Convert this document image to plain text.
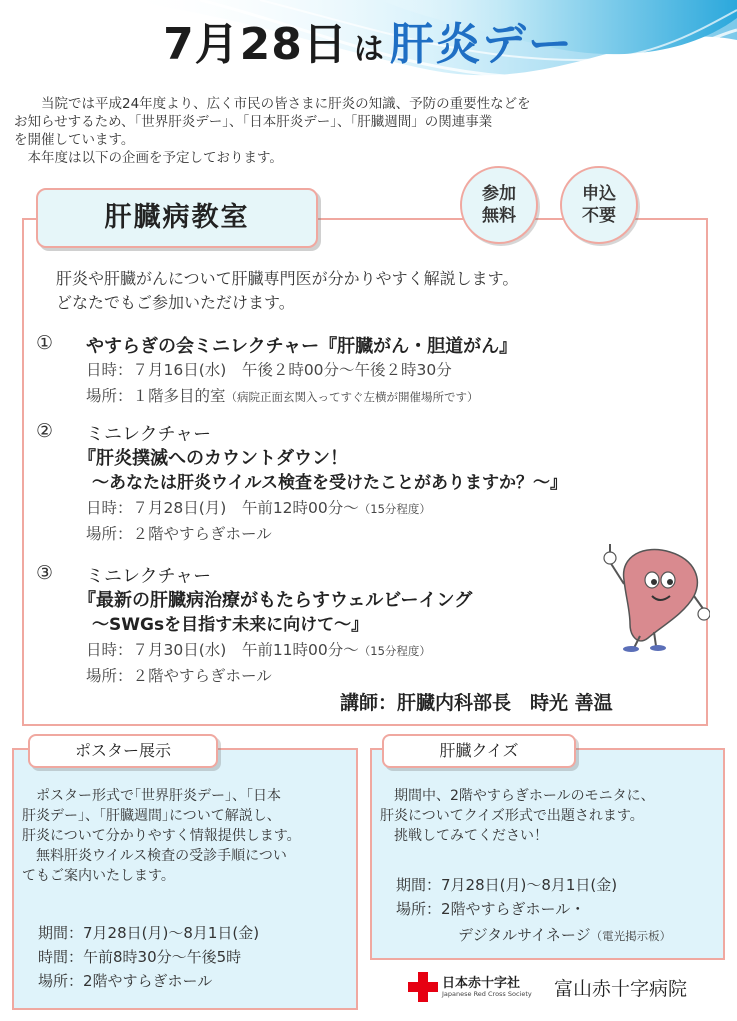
7月28日 は 肝炎デー

当院では平成24年度より、広く市民の皆さまに肝炎の知識、予防の重要性などを

お知らせするため、「世界肝炎デー」、「日本肝炎デー」、「肝臓週間」の関連事業

を開催しています。

本年度は以下の企画を予定しております。

肝臓病教室
参加
無料
申込
不要
肝炎や肝臓がんについて肝臓専門医が分かりやすく解説します。
どなたでもご参加いただけます。
① やすらぎの会ミニレクチャー『肝臓がん・胆道がん』
日時：７月16日(水)　午後２時00分～午後２時30分
場所：１階多目的室（病院正面玄関入ってすぐ左横が開催場所です）
② ミニレクチャー
『肝炎撲滅へのカウントダウン！
～あなたは肝炎ウイルス検査を受けたことがありますか？～』
日時：７月28日(月)　午前12時00分～（15分程度）
場所：２階やすらぎホール
③ ミニレクチャー
『最新の肝臓病治療がもたらすウェルビーイング
～SWGsを目指す未来に向けて～』
日時：７月30日(水)　午前11時00分～（15分程度）
場所：２階やすらぎホール
講師：肝臓内科部長　時光 善温
ポスター展示

ポスター形式で｢世界肝炎デー｣、｢日本

肝炎デー｣、｢肝臓週間｣について解説し、

肝炎について分かりやすく情報提供します。

無料肝炎ウイルス検査の受診手順につい

てもご案内いたします。

期間：7月28日(月)～8月1日(金)
時間：午前8時30分～午後5時
場所：2階やすらぎホール
肝臓クイズ

期間中、2階やすらぎホールのモニタに、

肝炎についてクイズ形式で出題されます。

挑戦してみてください！

期間：7月28日(月)～8月1日(金)
場所：2階やすらぎホール・
デジタルサイネージ（電光掲示板）
日本赤十字社
Japanese Red Cross Society 富山赤十字病院
